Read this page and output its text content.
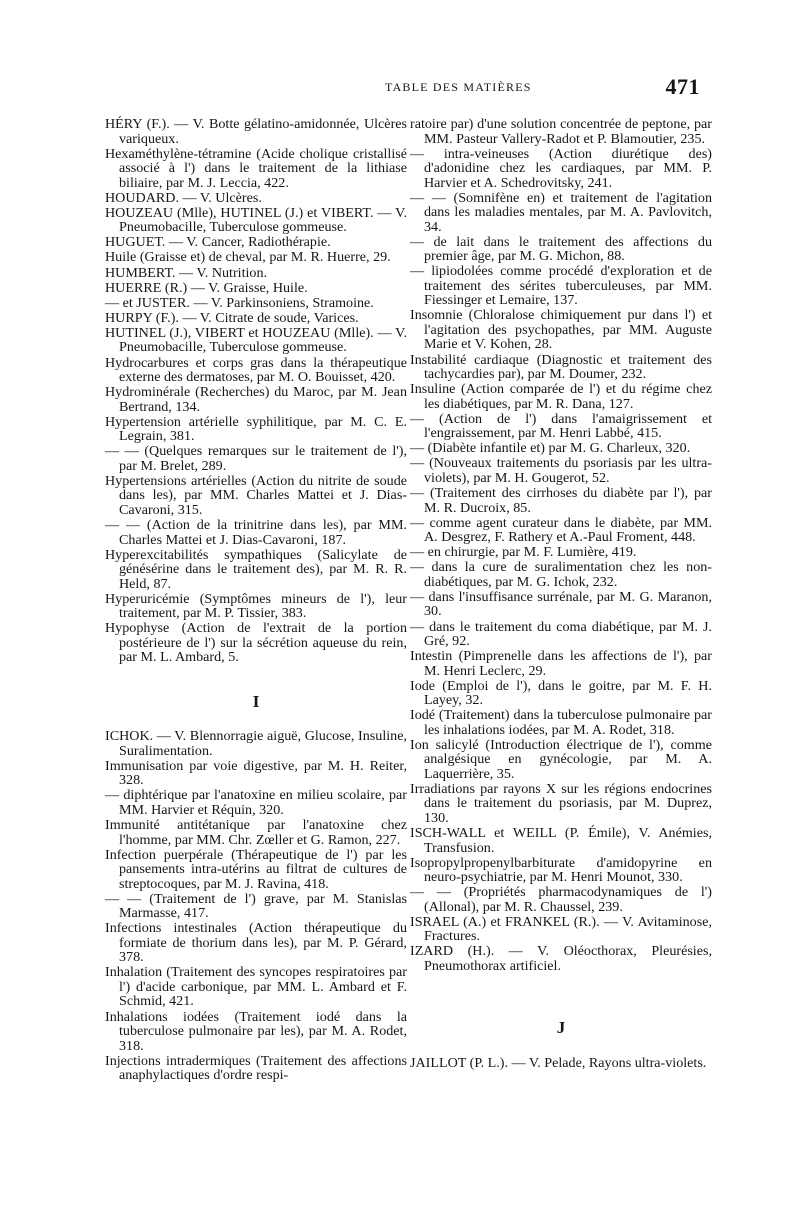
TABLE DES MATIÈRES	471

HÉRY (F.). — V. Botte gélatino-amidonnée, Ulcères variqueux.

Hexaméthylène-tétramine (Acide cholique cristallisé associé à l') dans le traitement de la lithiase biliaire, par M. J. Leccia, 422.

HOUDARD. — V. Ulcères.

HOUZEAU (Mlle), HUTINEL (J.) et VIBERT. — V. Pneumobacille, Tuberculose gommeuse.

HUGUET. — V. Cancer, Radiothérapie.

Huile (Graisse et) de cheval, par M. R. Huerre, 29.

HUMBERT. — V. Nutrition.

HUERRE (R.) — V. Graisse, Huile.

— et JUSTER. — V. Parkinsoniens, Stramoine.

HURPY (F.). — V. Citrate de soude, Varices.

HUTINEL (J.), VIBERT et HOUZEAU (Mlle). — V. Pneumobacille, Tuberculose gommeuse.

Hydrocarbures et corps gras dans la thérapeutique externe des dermatoses, par M. O. Bouisset, 420.

Hydrominérale (Recherches) du Maroc, par M. Jean Bertrand, 134.

Hypertension artérielle syphilitique, par M. C. E. Legrain, 381.

— — (Quelques remarques sur le traitement de l'), par M. Brelet, 289.

Hypertensions artérielles (Action du nitrite de soude dans les), par MM. Charles Mattei et J. Dias-Cavaroni, 315.

— — (Action de la trinitrine dans les), par MM. Charles Mattei et J. Dias-Cavaroni, 187.

Hyperexcitabilités sympathiques (Salicylate de génésérine dans le traitement des), par M. R. R. Held, 87.

Hyperuricémie (Symptômes mineurs de l'), leur traitement, par M. P. Tissier, 383.

Hypophyse (Action de l'extrait de la portion postérieure de l') sur la sécrétion aqueuse du rein, par M. L. Ambard, 5.

I

ICHOK. — V. Blennorragie aiguë, Glucose, Insuline, Suralimentation.

Immunisation par voie digestive, par M. H. Reiter, 328.

— diphtérique par l'anatoxine en milieu scolaire, par MM. Harvier et Réquin, 320.

Immunité antitétanique par l'anatoxine chez l'homme, par MM. Chr. Zœller et G. Ramon, 227.

Infection puerpérale (Thérapeutique de l') par les pansements intra-utérins au filtrat de cultures de streptocoques, par M. J. Ravina, 418.

— — (Traitement de l') grave, par M. Stanislas Marmasse, 417.

Infections intestinales (Action thérapeutique du formiate de thorium dans les), par M. P. Gérard, 378.

Inhalation (Traitement des syncopes respiratoires par l') d'acide carbonique, par MM. L. Ambard et F. Schmid, 421.

Inhalations iodées (Traitement iodé dans la tuberculose pulmonaire par les), par M. A. Rodet, 318.

Injections intradermiques (Traitement des affections anaphylactiques d'ordre respi-

ratoire par) d'une solution concentrée de peptone, par MM. Pasteur Vallery-Radot et P. Blamoutier, 235.

— intra-veineuses (Action diurétique des) d'adonidine chez les cardiaques, par MM. P. Harvier et A. Schedrovitsky, 241.

— — (Somnifène en) et traitement de l'agitation dans les maladies mentales, par M. A. Pavlovitch, 34.

— de lait dans le traitement des affections du premier âge, par M. G. Michon, 88.

— lipiodolées comme procédé d'exploration et de traitement des sérites tuberculeuses, par MM. Fiessinger et Lemaire, 137.

Insomnie (Chloralose chimiquement pur dans l') et l'agitation des psychopathes, par MM. Auguste Marie et V. Kohen, 28.

Instabilité cardiaque (Diagnostic et traitement des tachycardies par), par M. Doumer, 232.

Insuline (Action comparée de l') et du régime chez les diabétiques, par M. R. Dana, 127.

— (Action de l') dans l'amaigrissement et l'engraissement, par M. Henri Labbé, 415.

— (Diabète infantile et) par M. G. Charleux, 320.

— (Nouveaux traitements du psoriasis par les ultra-violets), par M. H. Gougerot, 52.

— (Traitement des cirrhoses du diabète par l'), par M. R. Ducroix, 85.

— comme agent curateur dans le diabète, par MM. A. Desgrez, F. Rathery et A.-Paul Froment, 448.

— en chirurgie, par M. F. Lumière, 419.

— dans la cure de suralimentation chez les non-diabétiques, par M. G. Ichok, 232.

— dans l'insuffisance surrénale, par M. G. Maranon, 30.

— dans le traitement du coma diabétique, par M. J. Gré, 92.

Intestin (Pimprenelle dans les affections de l'), par M. Henri Leclerc, 29.

Iode (Emploi de l'), dans le goitre, par M. F. H. Layey, 32.

Iodé (Traitement) dans la tuberculose pulmonaire par les inhalations iodées, par M. A. Rodet, 318.

Ion salicylé (Introduction électrique de l'), comme analgésique en gynécologie, par M. A. Laquerrière, 35.

Irradiations par rayons X sur les régions endocrines dans le traitement du psoriasis, par M. Duprez, 130.

ISCH-WALL et WEILL (P. Émile), V. Anémies, Transfusion.

Isopropylpropenylbarbiturate d'amidopyrine en neuro-psychiatrie, par M. Henri Mounot, 330.

— — (Propriétés pharmacodynamiques de l') (Allonal), par M. R. Chaussel, 239.

ISRAEL (A.) et FRANKEL (R.). — V. Avitaminose, Fractures.

IZARD (H.). — V. Oléocthorax, Pleurésies, Pneumothorax artificiel.

J

JAILLOT (P. L.). — V. Pelade, Rayons ultra-violets.
